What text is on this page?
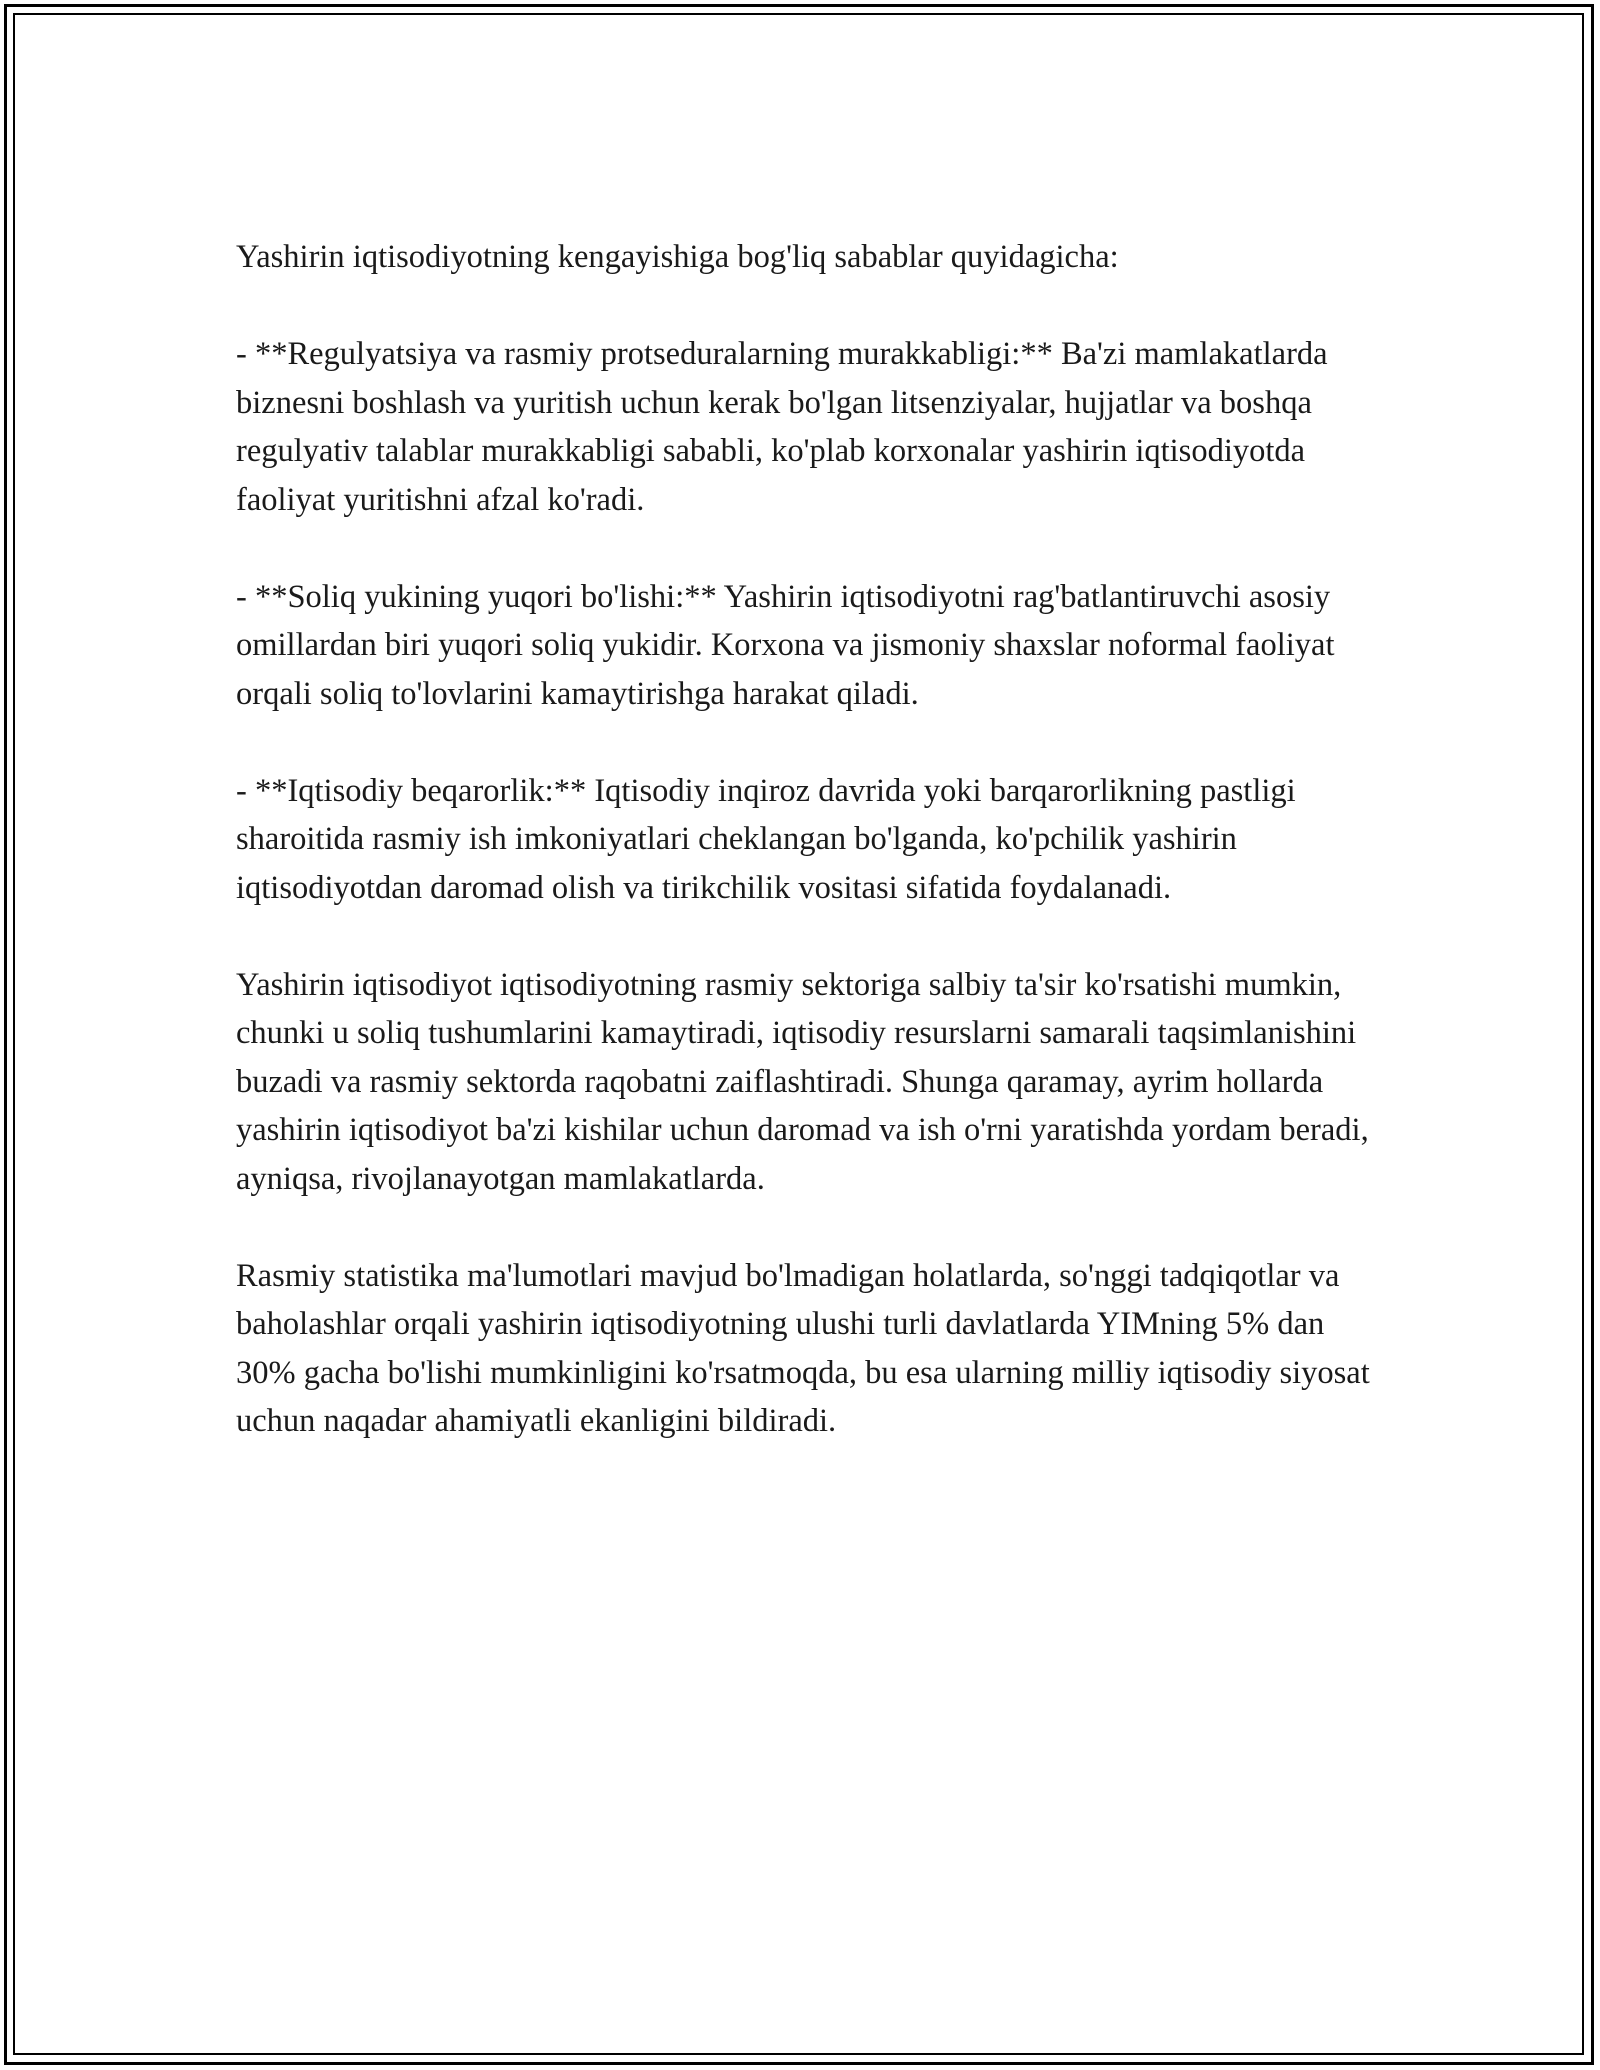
Yashirin iqtisodiyotning kengayishiga bog'liq sabablar quyidagicha:

- **Regulyatsiya va rasmiy protseduralarning murakkabligi:** Ba'zi mamlakatlarda biznesni boshlash va yuritish uchun kerak bo'lgan litsenziyalar, hujjatlar va boshqa regulyativ talablar murakkabligi sababli, ko'plab korxonalar yashirin iqtisodiyotda faoliyat yuritishni afzal ko'radi.

- **Soliq yukining yuqori bo'lishi:** Yashirin iqtisodiyotni rag'batlantiruvchi asosiy omillardan biri yuqori soliq yukidir. Korxona va jismoniy shaxslar noformal faoliyat orqali soliq to'lovlarini kamaytirishga harakat qiladi.

- **Iqtisodiy beqarorlik:** Iqtisodiy inqiroz davrida yoki barqarorlikning pastligi sharoitida rasmiy ish imkoniyatlari cheklangan bo'lganda, ko'pchilik yashirin iqtisodiyotdan daromad olish va tirikchilik vositasi sifatida foydalanadi.

Yashirin iqtisodiyot iqtisodiyotning rasmiy sektoriga salbiy ta'sir ko'rsatishi mumkin, chunki u soliq tushumlarini kamaytiradi, iqtisodiy resurslarni samarali taqsimlanishini buzadi va rasmiy sektorda raqobatni zaiflashtiradi. Shunga qaramay, ayrim hollarda yashirin iqtisodiyot ba'zi kishilar uchun daromad va ish o'rni yaratishda yordam beradi, ayniqsa, rivojlanayotgan mamlakatlarda.

Rasmiy statistika ma'lumotlari mavjud bo'lmadigan holatlarda, so'nggi tadqiqotlar va baholashlar orqali yashirin iqtisodiyotning ulushi turli davlatlarda YIMning 5% dan 30% gacha bo'lishi mumkinligini ko'rsatmoqda, bu esa ularning milliy iqtisodiy siyosat uchun naqadar ahamiyatli ekanligini bildiradi.
